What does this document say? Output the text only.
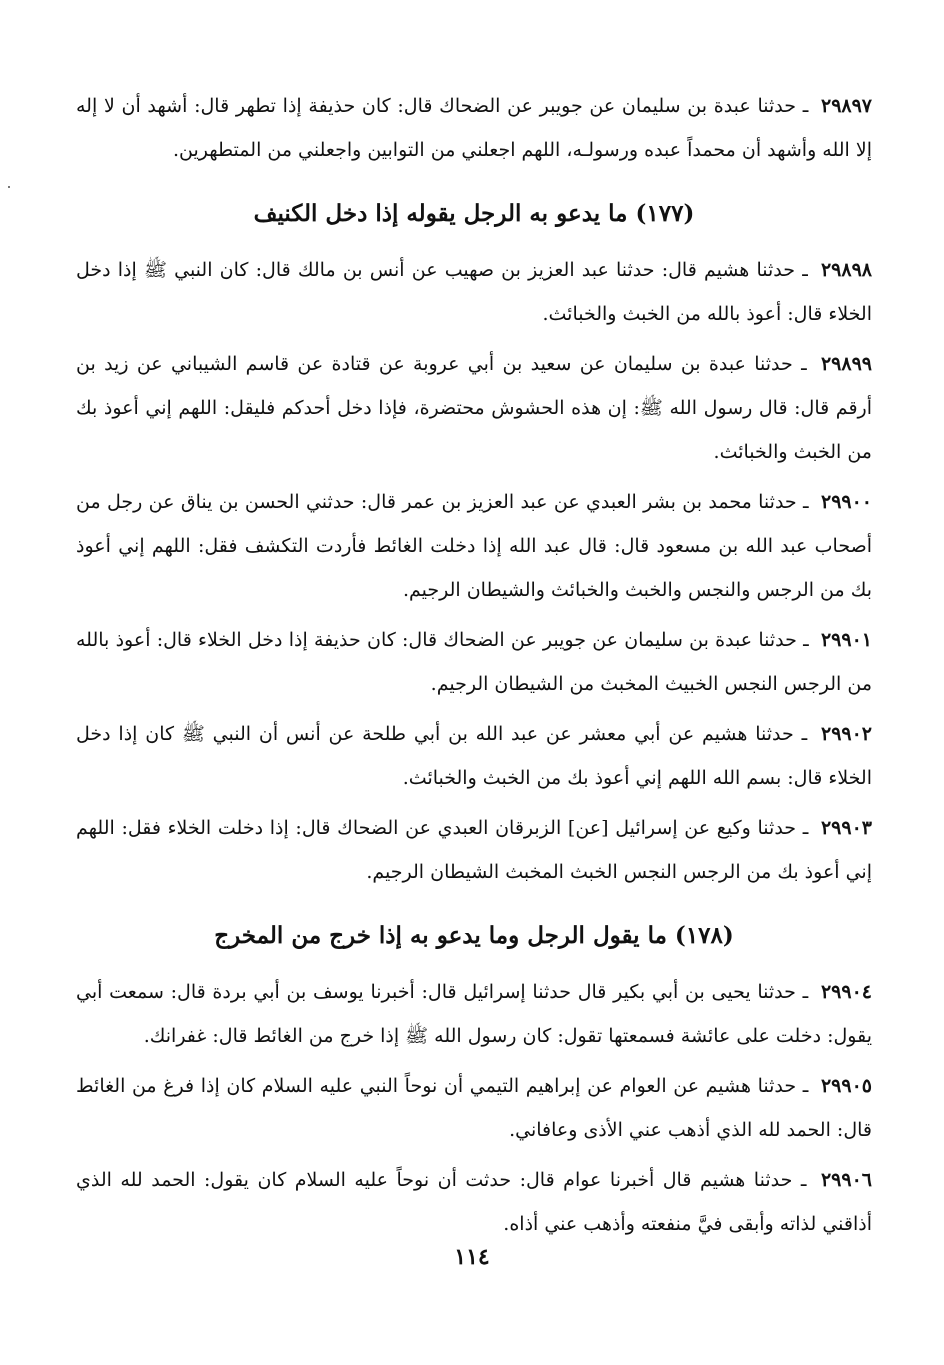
٢٩٨٩٧ ـ حدثنا عبدة بن سليمان عن جويبر عن الضحاك قال: كان حذيفة إذا تطهر قال: أشهد أن لا إله إلا الله وأشهد أن محمداً عبده ورسولـه، اللهم اجعلني من التوابين واجعلني من المتطهرين.

(١٧٧) ما يدعو به الرجل يقوله إذا دخل الكنيف

٢٩٨٩٨ ـ حدثنا هشيم قال: حدثنا عبد العزيز بن صهيب عن أنس بن مالك قال: كان النبي ﷺ إذا دخل الخلاء قال: أعوذ بالله من الخبث والخبائث.

٢٩٨٩٩ ـ حدثنا عبدة بن سليمان عن سعيد بن أبي عروبة عن قتادة عن قاسم الشيباني عن زيد بن أرقم قال: قال رسول الله ﷺ: إن هذه الحشوش محتضرة، فإذا دخل أحدكم فليقل: اللهم إني أعوذ بك من الخبث والخبائث.

٢٩٩٠٠ ـ حدثنا محمد بن بشر العبدي عن عبد العزيز بن عمر قال: حدثني الحسن بن يناق عن رجل من أصحاب عبد الله بن مسعود قال: قال عبد الله إذا دخلت الغائط فأردت التكشف فقل: اللهم إني أعوذ بك من الرجس والنجس والخبث والخبائث والشيطان الرجيم.

٢٩٩٠١ ـ حدثنا عبدة بن سليمان عن جويبر عن الضحاك قال: كان حذيفة إذا دخل الخلاء قال: أعوذ بالله من الرجس النجس الخبيث المخبث من الشيطان الرجيم.

٢٩٩٠٢ ـ حدثنا هشيم عن أبي معشر عن عبد الله بن أبي طلحة عن أنس أن النبي ﷺ كان إذا دخل الخلاء قال: بسم الله اللهم إني أعوذ بك من الخبث والخبائث.

٢٩٩٠٣ ـ حدثنا وكيع عن إسرائيل [عن] الزبرقان العبدي عن الضحاك قال: إذا دخلت الخلاء فقل: اللهم إني أعوذ بك من الرجس النجس الخبث المخبث الشيطان الرجيم.

(١٧٨) ما يقول الرجل وما يدعو به إذا خرج من المخرج

٢٩٩٠٤ ـ حدثنا يحيى بن أبي بكير قال حدثنا إسرائيل قال: أخبرنا يوسف بن أبي بردة قال: سمعت أبي يقول: دخلت على عائشة فسمعتها تقول: كان رسول الله ﷺ إذا خرج من الغائط قال: غفرانك.

٢٩٩٠٥ ـ حدثنا هشيم عن العوام عن إبراهيم التيمي أن نوحاً النبي عليه السلام كان إذا فرغ من الغائط قال: الحمد لله الذي أذهب عني الأذى وعافاني.

٢٩٩٠٦ ـ حدثنا هشيم قال أخبرنا عوام قال: حدثت أن نوحاً عليه السلام كان يقول: الحمد لله الذي أذاقني لذاته وأبقى فيَّ منفعته وأذهب عني أذاه.

١١٤
